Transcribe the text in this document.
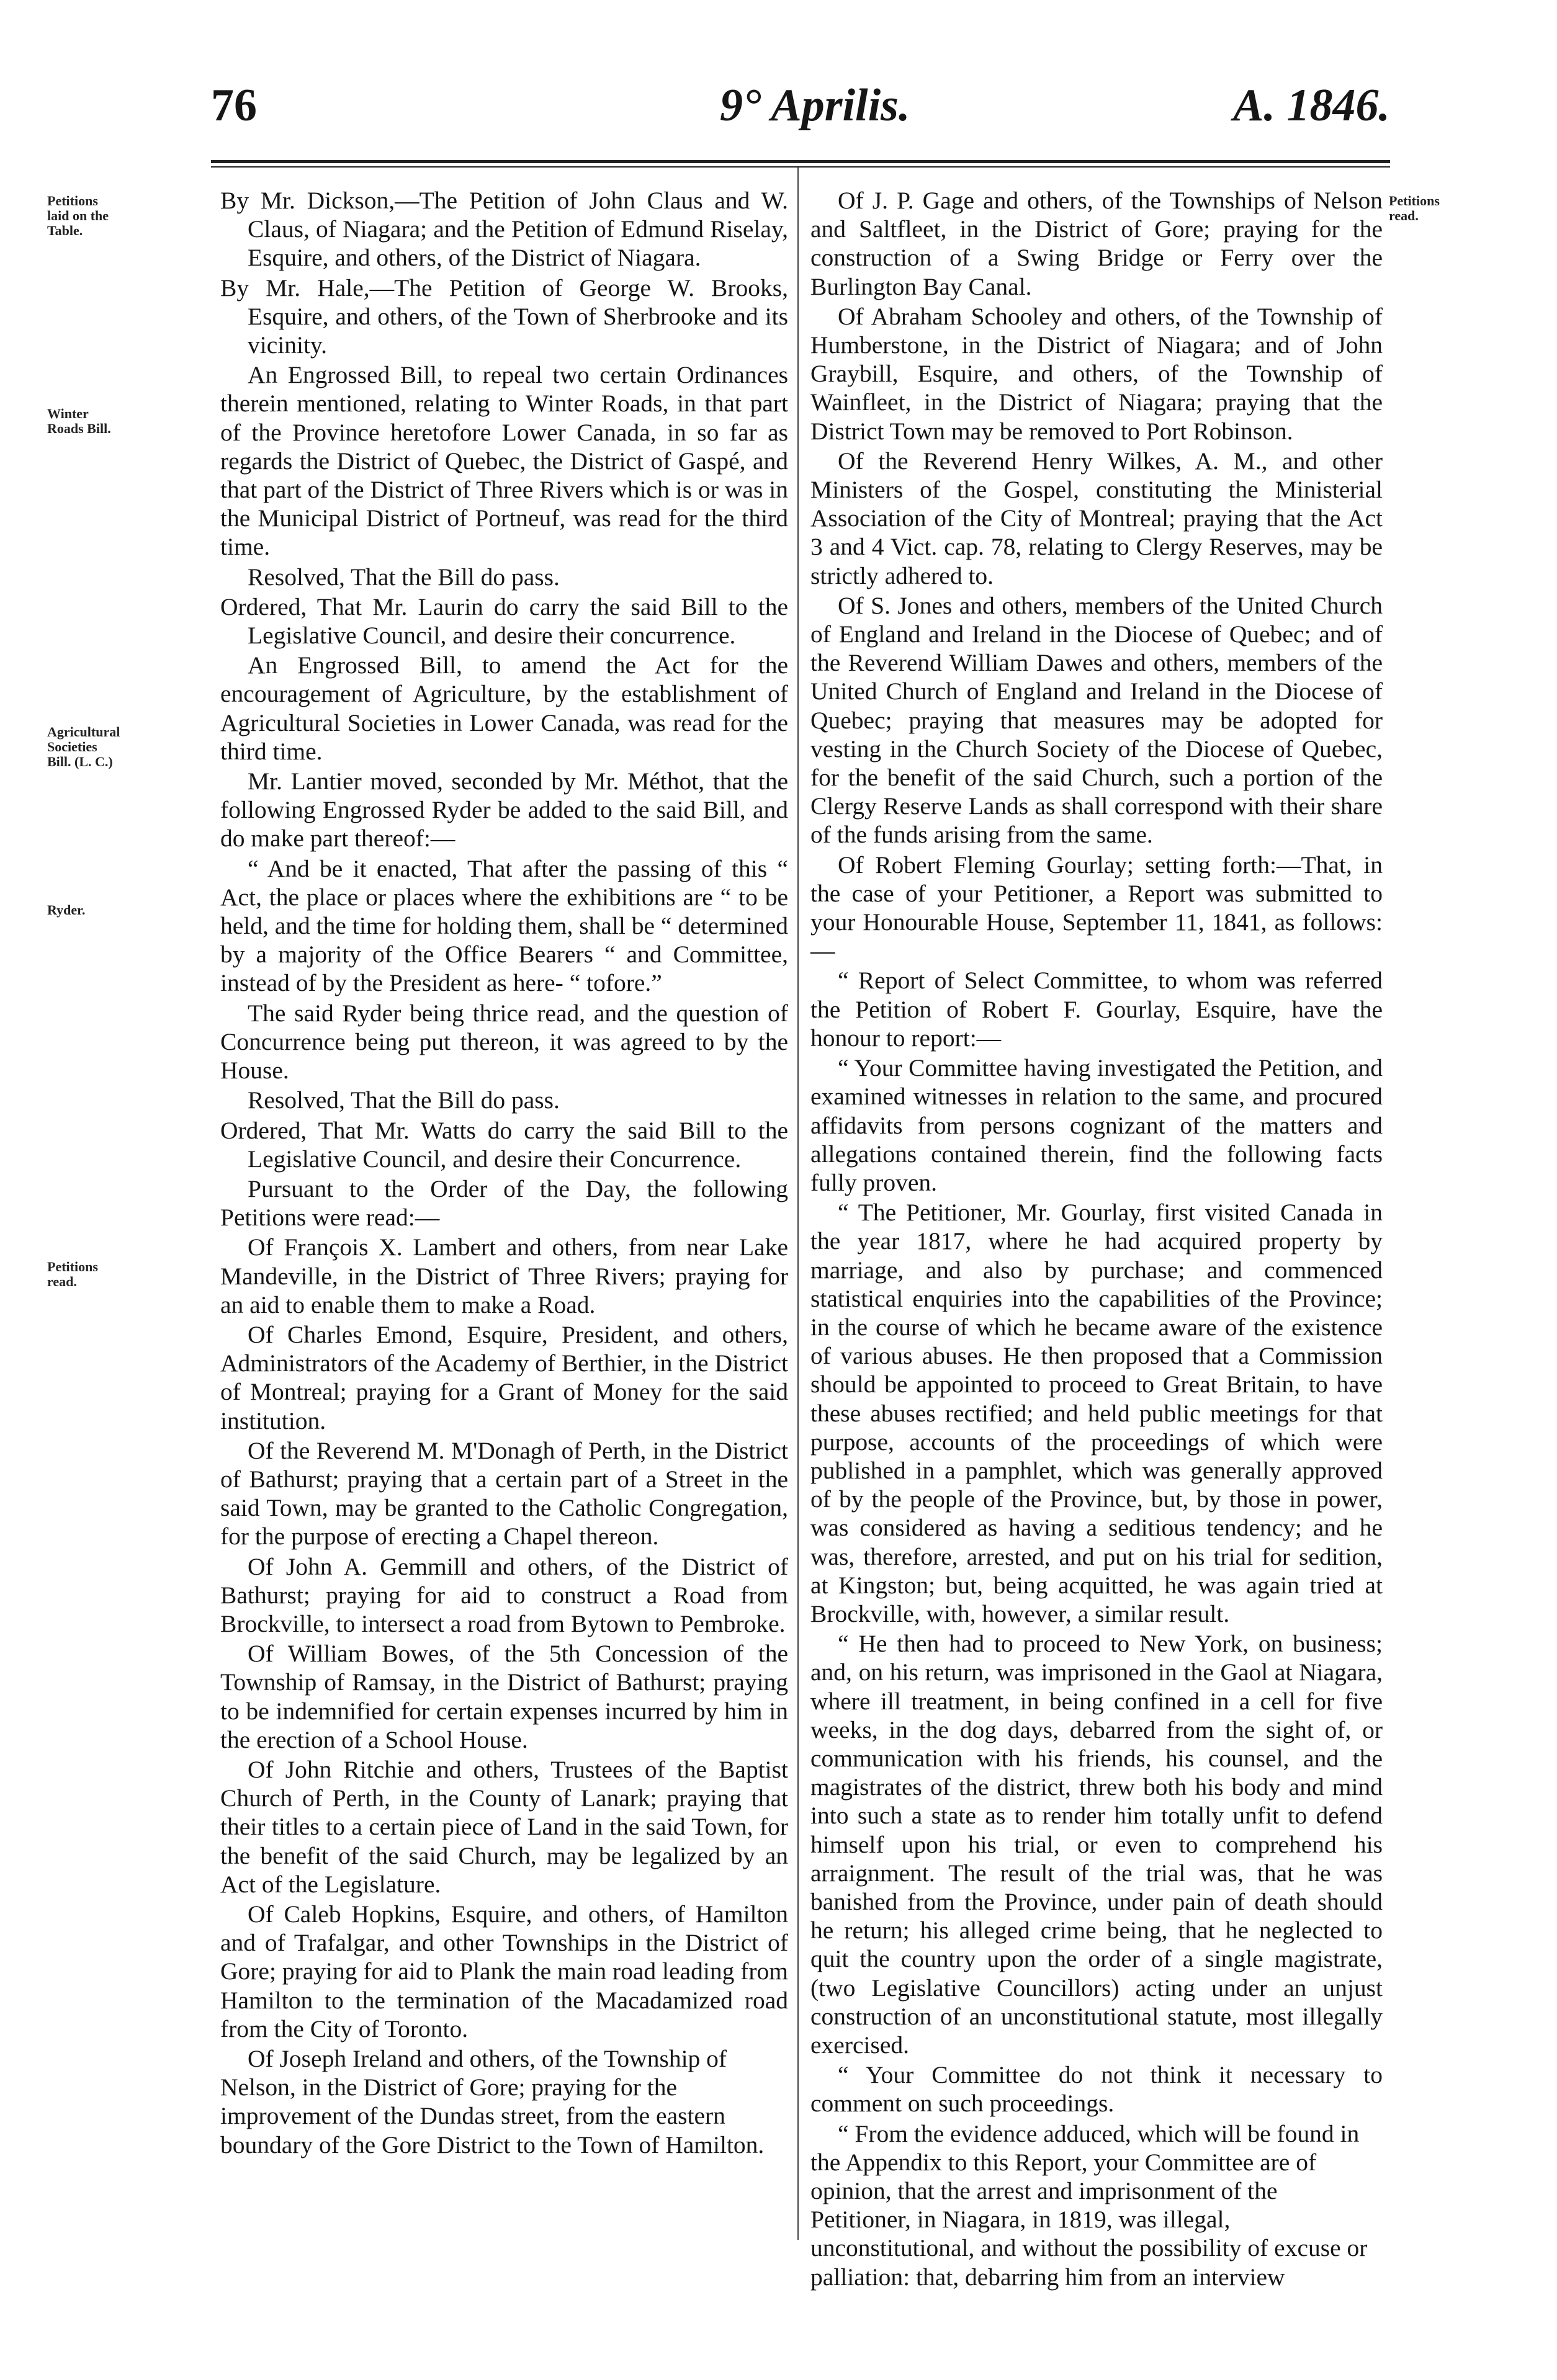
76	9° Aprilis.	A. 1846.
Petitions laid on the Table.
Winter Roads Bill.
Agricultural Societies Bill. (L. C.)
Ryder.
Petitions read.
Petitions read.

By Mr. Dickson,—The Petition of John Claus and W. Claus, of Niagara; and the Petition of Edmund Riselay, Esquire, and others, of the District of Niagara.

By Mr. Hale,—The Petition of George W. Brooks, Esquire, and others, of the Town of Sherbrooke and its vicinity.

An Engrossed Bill, to repeal two certain Ordinances therein mentioned, relating to Winter Roads, in that part of the Province heretofore Lower Canada, in so far as regards the District of Quebec, the District of Gaspé, and that part of the District of Three Rivers which is or was in the Municipal District of Portneuf, was read for the third time.

Resolved, That the Bill do pass.

Ordered, That Mr. Laurin do carry the said Bill to the Legislative Council, and desire their concurrence.

An Engrossed Bill, to amend the Act for the encouragement of Agriculture, by the establishment of Agricultural Societies in Lower Canada, was read for the third time.

Mr. Lantier moved, seconded by Mr. Méthot, that the following Engrossed Ryder be added to the said Bill, and do make part thereof:—

“ And be it enacted, That after the passing of this “ Act, the place or places where the exhibitions are “ to be held, and the time for holding them, shall be “ determined by a majority of the Office Bearers “ and Committee, instead of by the President as here- “ tofore.”

The said Ryder being thrice read, and the question of Concurrence being put thereon, it was agreed to by the House.

Resolved, That the Bill do pass.

Ordered, That Mr. Watts do carry the said Bill to the Legislative Council, and desire their Concurrence.

Pursuant to the Order of the Day, the following Petitions were read:—

Of François X. Lambert and others, from near Lake Mandeville, in the District of Three Rivers; praying for an aid to enable them to make a Road.

Of Charles Emond, Esquire, President, and others, Administrators of the Academy of Berthier, in the District of Montreal; praying for a Grant of Money for the said institution.

Of the Reverend M. M'Donagh of Perth, in the District of Bathurst; praying that a certain part of a Street in the said Town, may be granted to the Catholic Congregation, for the purpose of erecting a Chapel thereon.

Of John A. Gemmill and others, of the District of Bathurst; praying for aid to construct a Road from Brockville, to intersect a road from Bytown to Pembroke.

Of William Bowes, of the 5th Concession of the Township of Ramsay, in the District of Bathurst; praying to be indemnified for certain expenses incurred by him in the erection of a School House.

Of John Ritchie and others, Trustees of the Baptist Church of Perth, in the County of Lanark; praying that their titles to a certain piece of Land in the said Town, for the benefit of the said Church, may be legalized by an Act of the Legislature.

Of Caleb Hopkins, Esquire, and others, of Hamilton and of Trafalgar, and other Townships in the District of Gore; praying for aid to Plank the main road leading from Hamilton to the termination of the Macadamized road from the City of Toronto.

Of Joseph Ireland and others, of the Township of Nelson, in the District of Gore; praying for the improvement of the Dundas street, from the eastern boundary of the Gore District to the Town of Hamilton.

Of J. P. Gage and others, of the Townships of Nelson and Saltfleet, in the District of Gore; praying for the construction of a Swing Bridge or Ferry over the Burlington Bay Canal.

Of Abraham Schooley and others, of the Township of Humberstone, in the District of Niagara; and of John Graybill, Esquire, and others, of the Township of Wainfleet, in the District of Niagara; praying that the District Town may be removed to Port Robinson.

Of the Reverend Henry Wilkes, A. M., and other Ministers of the Gospel, constituting the Ministerial Association of the City of Montreal; praying that the Act 3 and 4 Vict. cap. 78, relating to Clergy Reserves, may be strictly adhered to.

Of S. Jones and others, members of the United Church of England and Ireland in the Diocese of Quebec; and of the Reverend William Dawes and others, members of the United Church of England and Ireland in the Diocese of Quebec; praying that measures may be adopted for vesting in the Church Society of the Diocese of Quebec, for the benefit of the said Church, such a portion of the Clergy Reserve Lands as shall correspond with their share of the funds arising from the same.

Of Robert Fleming Gourlay; setting forth:—That, in the case of your Petitioner, a Report was submitted to your Honourable House, September 11, 1841, as follows:—

“ Report of Select Committee, to whom was referred the Petition of Robert F. Gourlay, Esquire, have the honour to report:—

“ Your Committee having investigated the Petition, and examined witnesses in relation to the same, and procured affidavits from persons cognizant of the matters and allegations contained therein, find the following facts fully proven.

“ The Petitioner, Mr. Gourlay, first visited Canada in the year 1817, where he had acquired property by marriage, and also by purchase; and commenced statistical enquiries into the capabilities of the Province; in the course of which he became aware of the existence of various abuses. He then proposed that a Commission should be appointed to proceed to Great Britain, to have these abuses rectified; and held public meetings for that purpose, accounts of the proceedings of which were published in a pamphlet, which was generally approved of by the people of the Province, but, by those in power, was considered as having a seditious tendency; and he was, therefore, arrested, and put on his trial for sedition, at Kingston; but, being acquitted, he was again tried at Brockville, with, however, a similar result.

“ He then had to proceed to New York, on business; and, on his return, was imprisoned in the Gaol at Niagara, where ill treatment, in being confined in a cell for five weeks, in the dog days, debarred from the sight of, or communication with his friends, his counsel, and the magistrates of the district, threw both his body and mind into such a state as to render him totally unfit to defend himself upon his trial, or even to comprehend his arraignment. The result of the trial was, that he was banished from the Province, under pain of death should he return; his alleged crime being, that he neglected to quit the country upon the order of a single magistrate, (two Legislative Councillors) acting under an unjust construction of an unconstitutional statute, most illegally exercised.

“ Your Committee do not think it necessary to comment on such proceedings.

“ From the evidence adduced, which will be found in the Appendix to this Report, your Committee are of opinion, that the arrest and imprisonment of the Petitioner, in Niagara, in 1819, was illegal, unconstitutional, and without the possibility of excuse or palliation: that, debarring him from an interview
